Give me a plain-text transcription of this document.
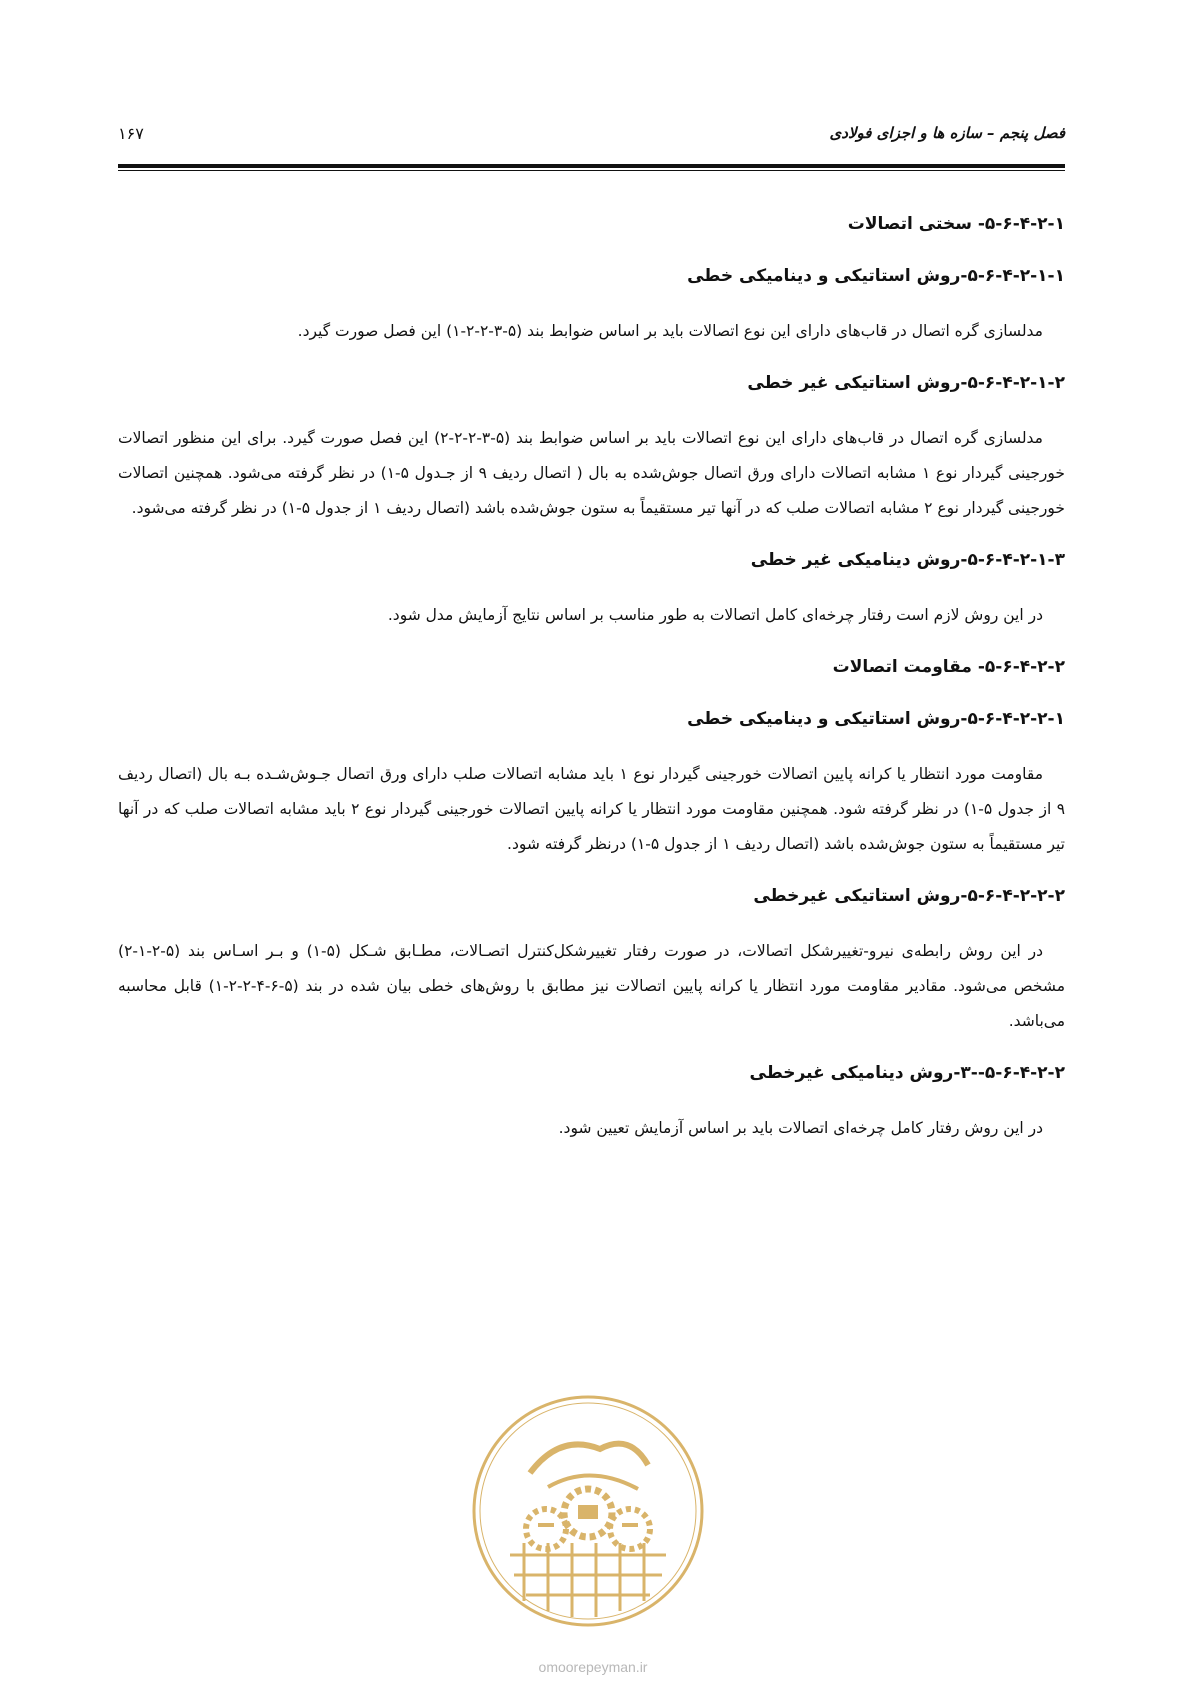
۱۶۷	فصل پنجم – سازه ها و اجزای فولادی
۵-۶-۴-۲-۱- سختی اتصالات
۵-۶-۴-۲-۱-۱-روش استاتیکی و دینامیکی خطی

مدلسازی گره اتصال در قاب‌های دارای این نوع اتصالات باید بر اساس ضوابط بند (۵-۳-۲-۲-۱) این فصل صورت گیرد.

۵-۶-۴-۲-۱-۲-روش استاتیکی غیر خطی

مدلسازی گره اتصال در قاب‌های دارای این نوع اتصالات باید بر اساس ضوابط بند (۵-۳-۲-۲-۲) این فصل صورت گیرد. برای این منظور اتصالات خورجینی گیردار نوع ۱ مشابه اتصالات دارای ورق اتصال جوش‌شده به بال ( اتصال ردیف ۹ از جـدول ۵-۱) در نظر گرفته می‌شود. همچنین اتصالات خورجینی گیردار نوع ۲ مشابه اتصالات صلب که در آنها تیر مستقیماً به ستون جوش‌شده باشد (اتصال ردیف ۱ از جدول ۵-۱) در نظر گرفته می‌شود.

۵-۶-۴-۲-۱-۳-روش دینامیکی غیر خطی

در این روش لازم است رفتار چرخه‌ای کامل اتصالات به طور مناسب بر اساس نتایج آزمایش مدل شود.

۵-۶-۴-۲-۲- مقاومت اتصالات
۵-۶-۴-۲-۲-۱-روش استاتیکی و دینامیکی خطی

مقاومت مورد انتظار یا کرانه پایین اتصالات خورجینی گیردار نوع ۱ باید مشابه اتصالات صلب دارای ورق اتصال جـوش‌شـده بـه بال (اتصال ردیف ۹ از جدول ۵-۱) در نظر گرفته شود. همچنین مقاومت مورد انتظار یا کرانه پایین اتصالات خورجینی گیردار نوع ۲ باید مشابه اتصالات صلب که در آنها تیر مستقیماً به ستون جوش‌شده باشد (اتصال ردیف ۱ از جدول ۵-۱) درنظر گرفته شود.

۵-۶-۴-۲-۲-۲-روش استاتیکی غیرخطی

در این روش رابطه‌ی نیرو-تغییرشکل اتصالات، در صورت رفتار تغییرشکل‌کنترل اتصـالات، مطـابق شـکل (۵-۱) و بـر اسـاس بند (۵-۲-۱-۲) مشخص می‌شود. مقادیر مقاومت مورد انتظار یا کرانه پایین اتصالات نیز مطابق با روش‌های خطی بیان شده در بند (۵-۶-۴-۲-۲-۱) قابل محاسبه می‌باشد.

۵-۶-۴-۲-۲--۳-روش دینامیکی غیرخطی

در این روش رفتار کامل چرخه‌ای اتصالات باید بر اساس آزمایش تعیین شود.

omoorepeyman.ir
